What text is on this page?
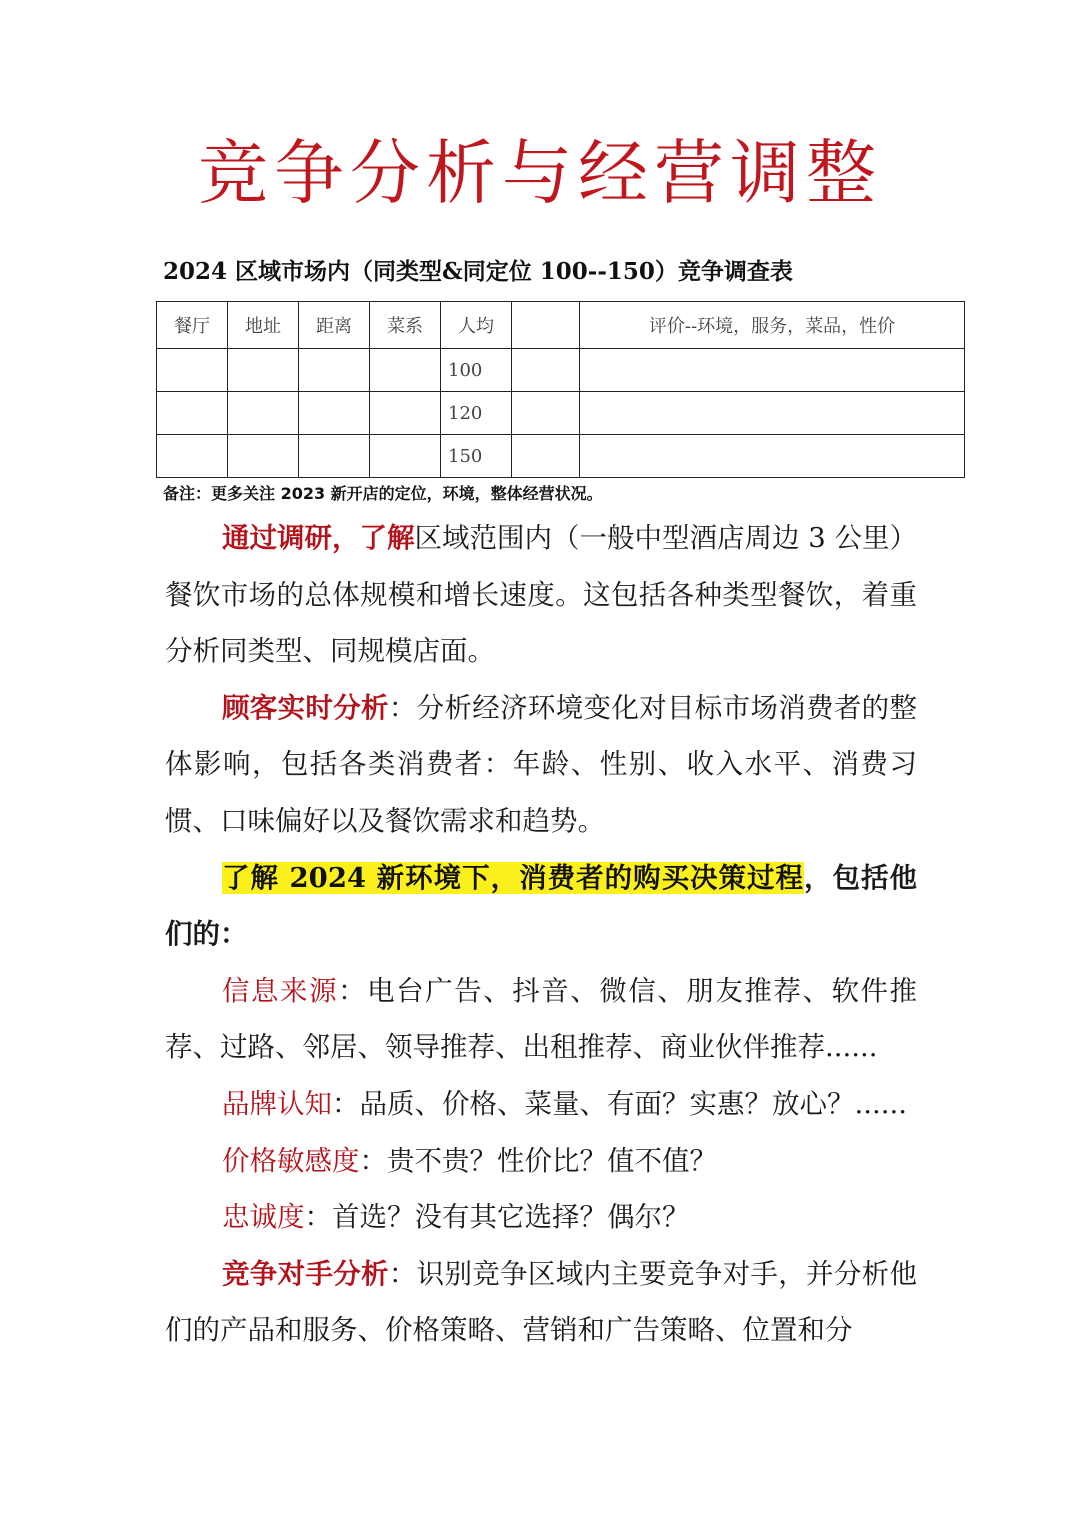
竞争分析与经营调整
2024 区域市场内（同类型&同定位 100--150）竞争调查表
餐厅	地址	距离	菜系	人均		评价--环境，服务，菜品，性价
				100		
				120		
				150		
备注：更多关注 2023 新开店的定位，环境，整体经营状况。

通过调研，了解区域范围内（一般中型酒店周边 3 公里）餐饮市场的总体规模和增长速度。这包括各种类型餐饮，着重分析同类型、同规模店面。

顾客实时分析：分析经济环境变化对目标市场消费者的整体影响，包括各类消费者：年龄、性别、收入水平、消费习惯、口味偏好以及餐饮需求和趋势。

了解 2024 新环境下，消费者的购买决策过程，包括他们的：

信息来源：电台广告、抖音、微信、朋友推荐、软件推荐、过路、邻居、领导推荐、出租推荐、商业伙伴推荐......

品牌认知：品质、价格、菜量、有面？实惠？放心？......

价格敏感度：贵不贵？性价比？值不值？

忠诚度：首选？没有其它选择？偶尔？

竞争对手分析：识别竞争区域内主要竞争对手，并分析他们的产品和服务、价格策略、营销和广告策略、位置和分
